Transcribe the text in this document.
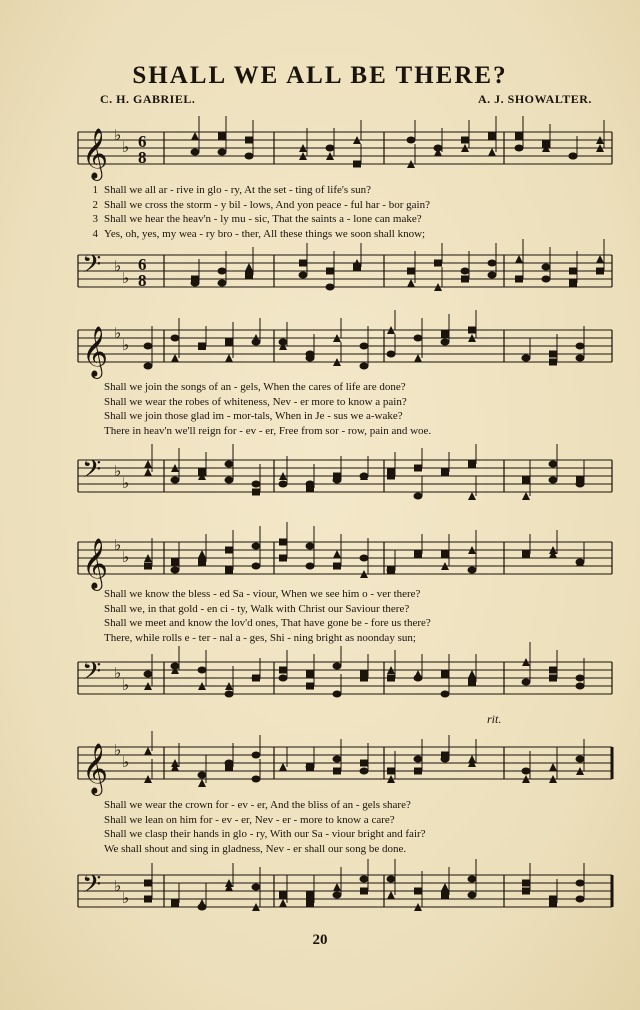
SHALL WE ALL BE THERE?
C. H. GABRIEL.	A. J. SHOWALTER.
𝄞 ♭
♭ 6
8
1 Shall we all ar - rive in glo - ry, At the set - ting of life's sun?
2 Shall we cross the storm - y bil - lows, And yon peace - ful har - bor gain?
3 Shall we hear the heav'n - ly mu - sic, That the saints a - lone can make?
4 Yes, oh, yes, my wea - ry bro - ther, All these things we soon shall know;
𝄢 ♭
♭
6
8
𝄞 ♭
♭
Shall we join the songs of an - gels, When the cares of life are done?
Shall we wear the robes of whiteness, Nev - er more to know a pain?
Shall we join those glad im - mor-tals, When in Je - sus we a-wake?
There in heav'n we'll reign for - ev - er, Free from sor - row, pain and woe.
𝄢 ♭
♭
𝄞 ♭
♭
Shall we know the bless - ed Sa - viour, When we see him o - ver there?
Shall we, in that gold - en ci - ty, Walk with Christ our Saviour there?
Shall we meet and know the lov'd ones, That have gone be - fore us there?
There, while rolls e - ter - nal a - ges, Shi - ning bright as noonday sun;
𝄢 ♭
♭
rit.
𝄞 ♭
♭
Shall we wear the crown for - ev - er, And the bliss of an - gels share?
Shall we lean on him for - ev - er, Nev - er - more to know a care?
Shall we clasp their hands in glo - ry, With our Sa - viour bright and fair?
We shall shout and sing in gladness, Nev - er shall our song be done.
𝄢 ♭
♭
20
